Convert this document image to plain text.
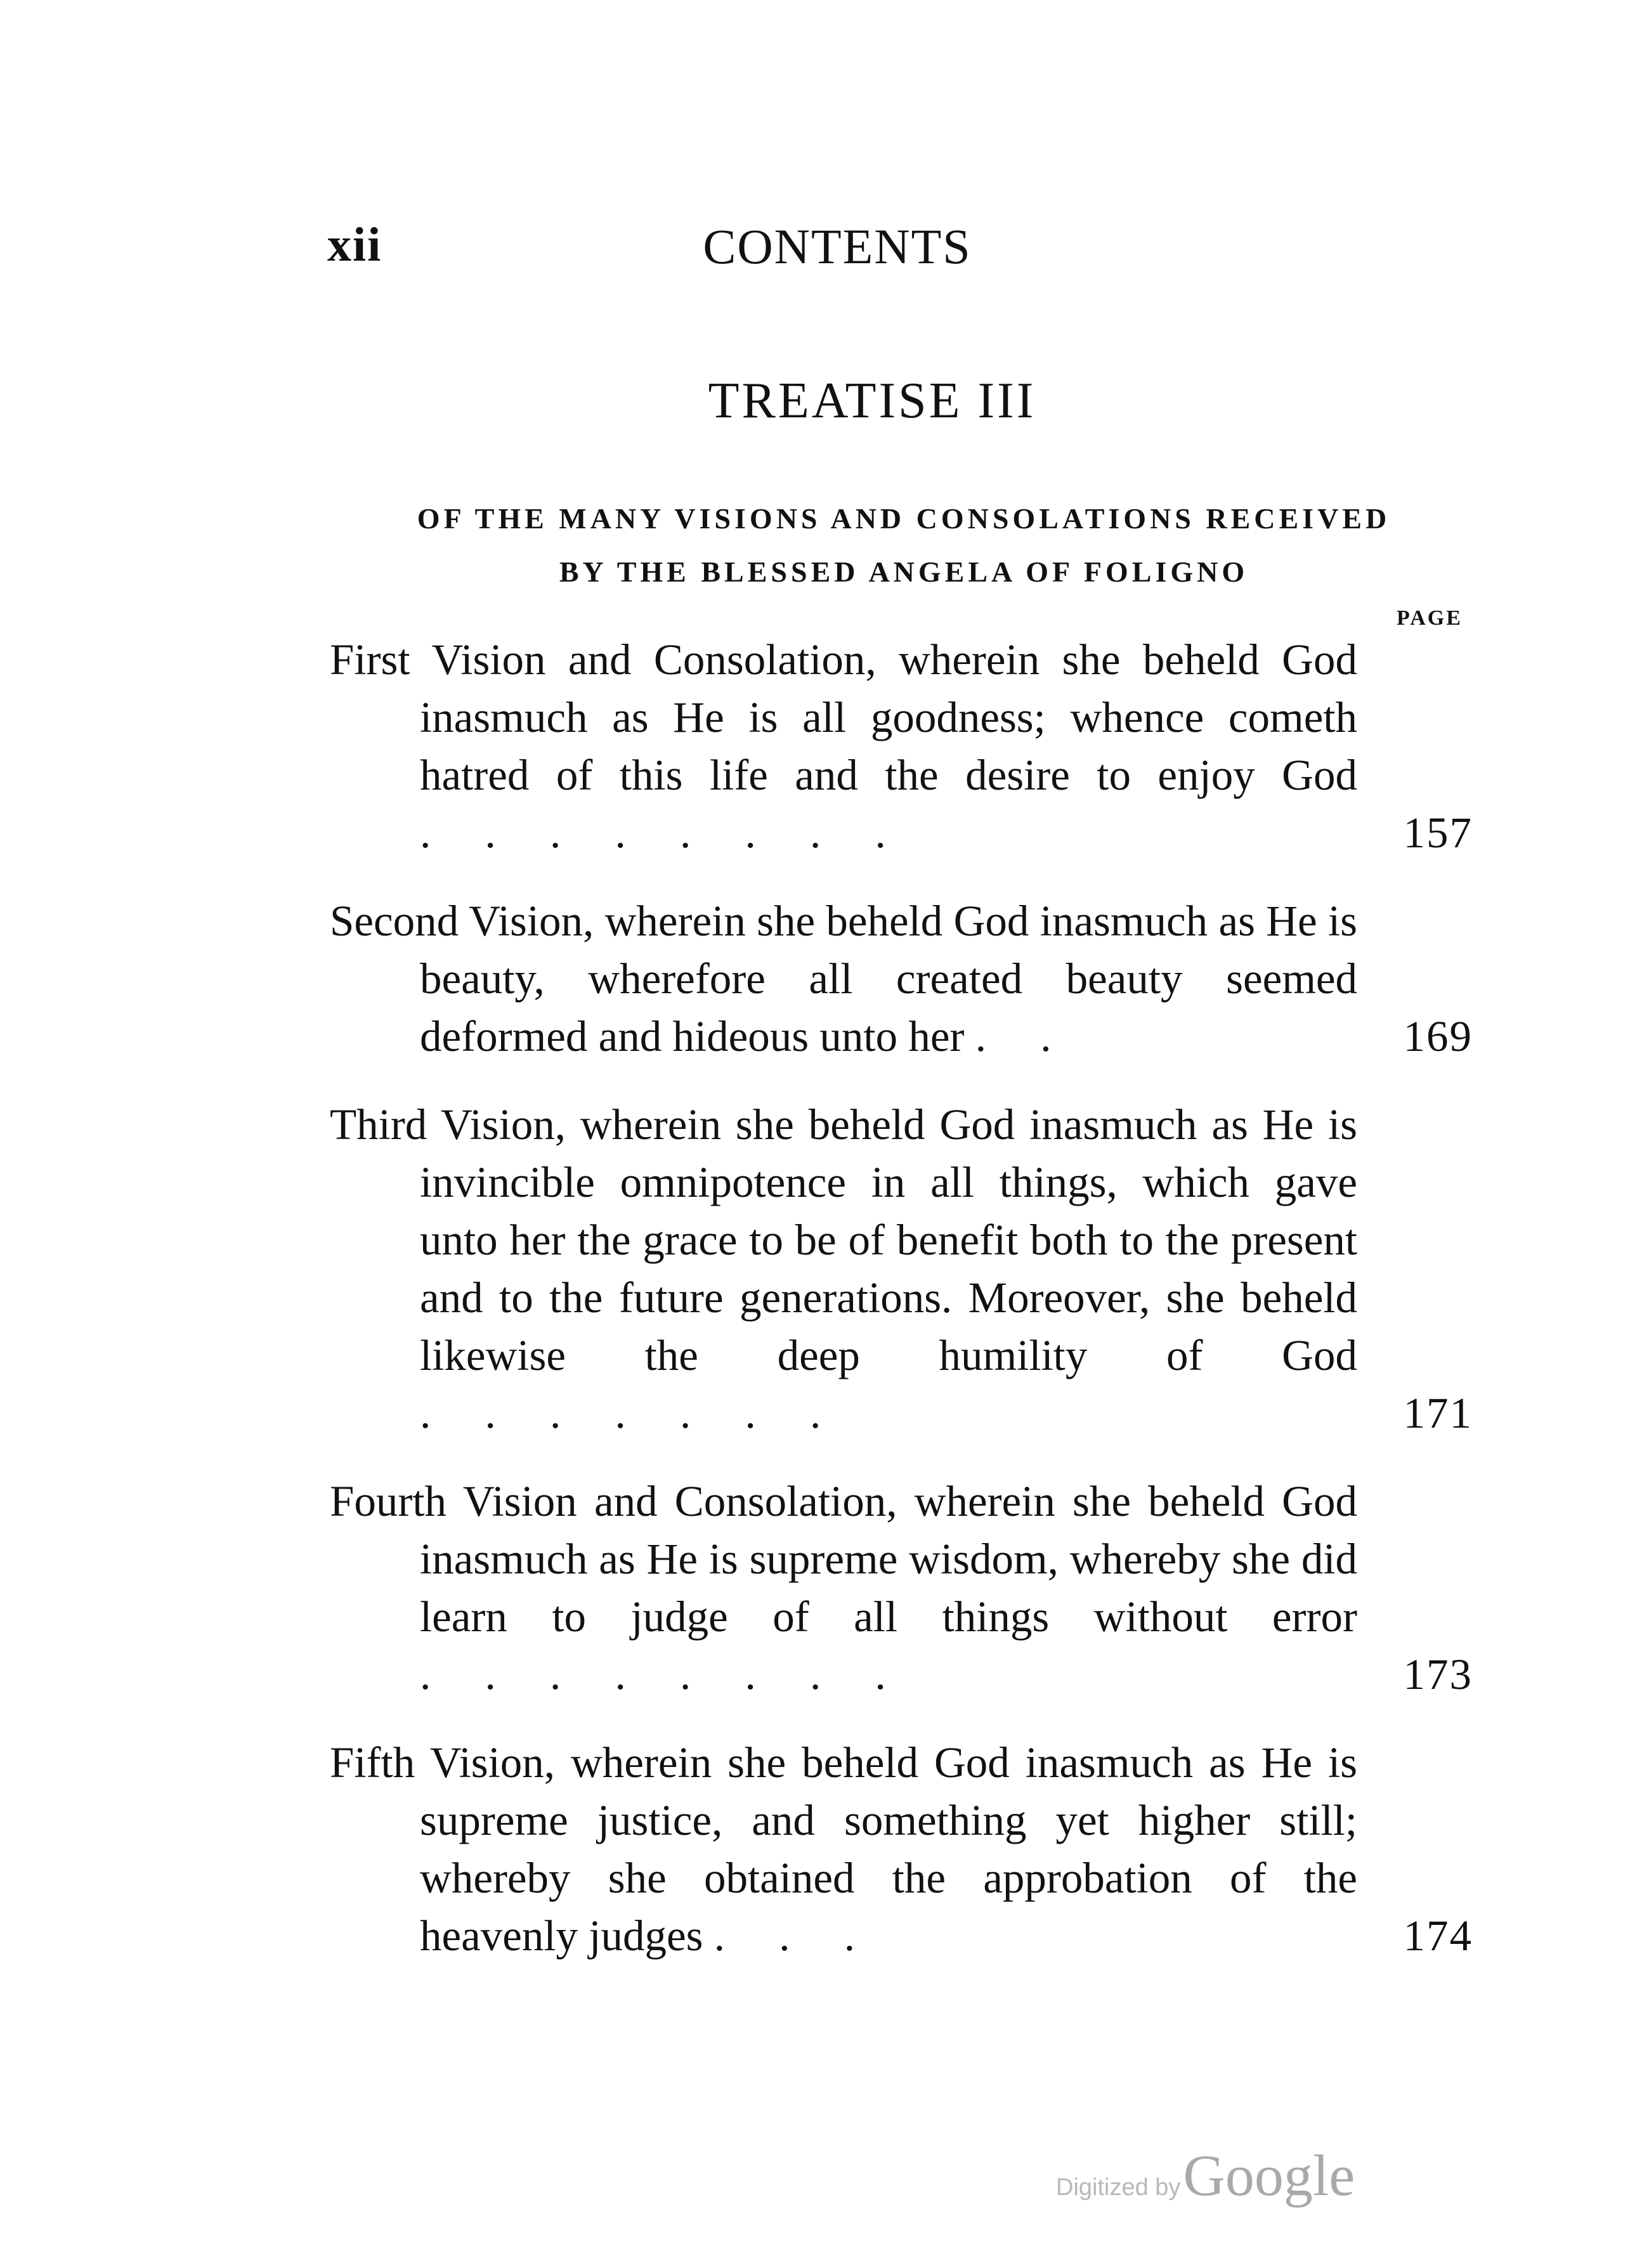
xii	CONTENTS
TREATISE III
OF THE MANY VISIONS AND CONSOLATIONS RECEIVED
BY THE BLESSED ANGELA OF FOLIGNO
PAGE
First Vision and Consolation, wherein she beheld God inasmuch as He is all goodness; whence cometh hatred of this life and the desire to enjoy God . . . . . . . .	157
Second Vision, wherein she beheld God inasmuch as He is beauty, wherefore all created beauty seemed deformed and hideous unto her . .	169
Third Vision, wherein she beheld God inasmuch as He is invincible omnipotence in all things, which gave unto her the grace to be of benefit both to the present and to the future generations. Moreover, she beheld likewise the deep humility of God . . . . . . .	171
Fourth Vision and Consolation, wherein she beheld God inasmuch as He is supreme wisdom, whereby she did learn to judge of all things without error . . . . . . . .	173
Fifth Vision, wherein she beheld God inasmuch as He is supreme justice, and something yet higher still; whereby she obtained the approbation of the heavenly judges . . .	174
Digitized by Google
